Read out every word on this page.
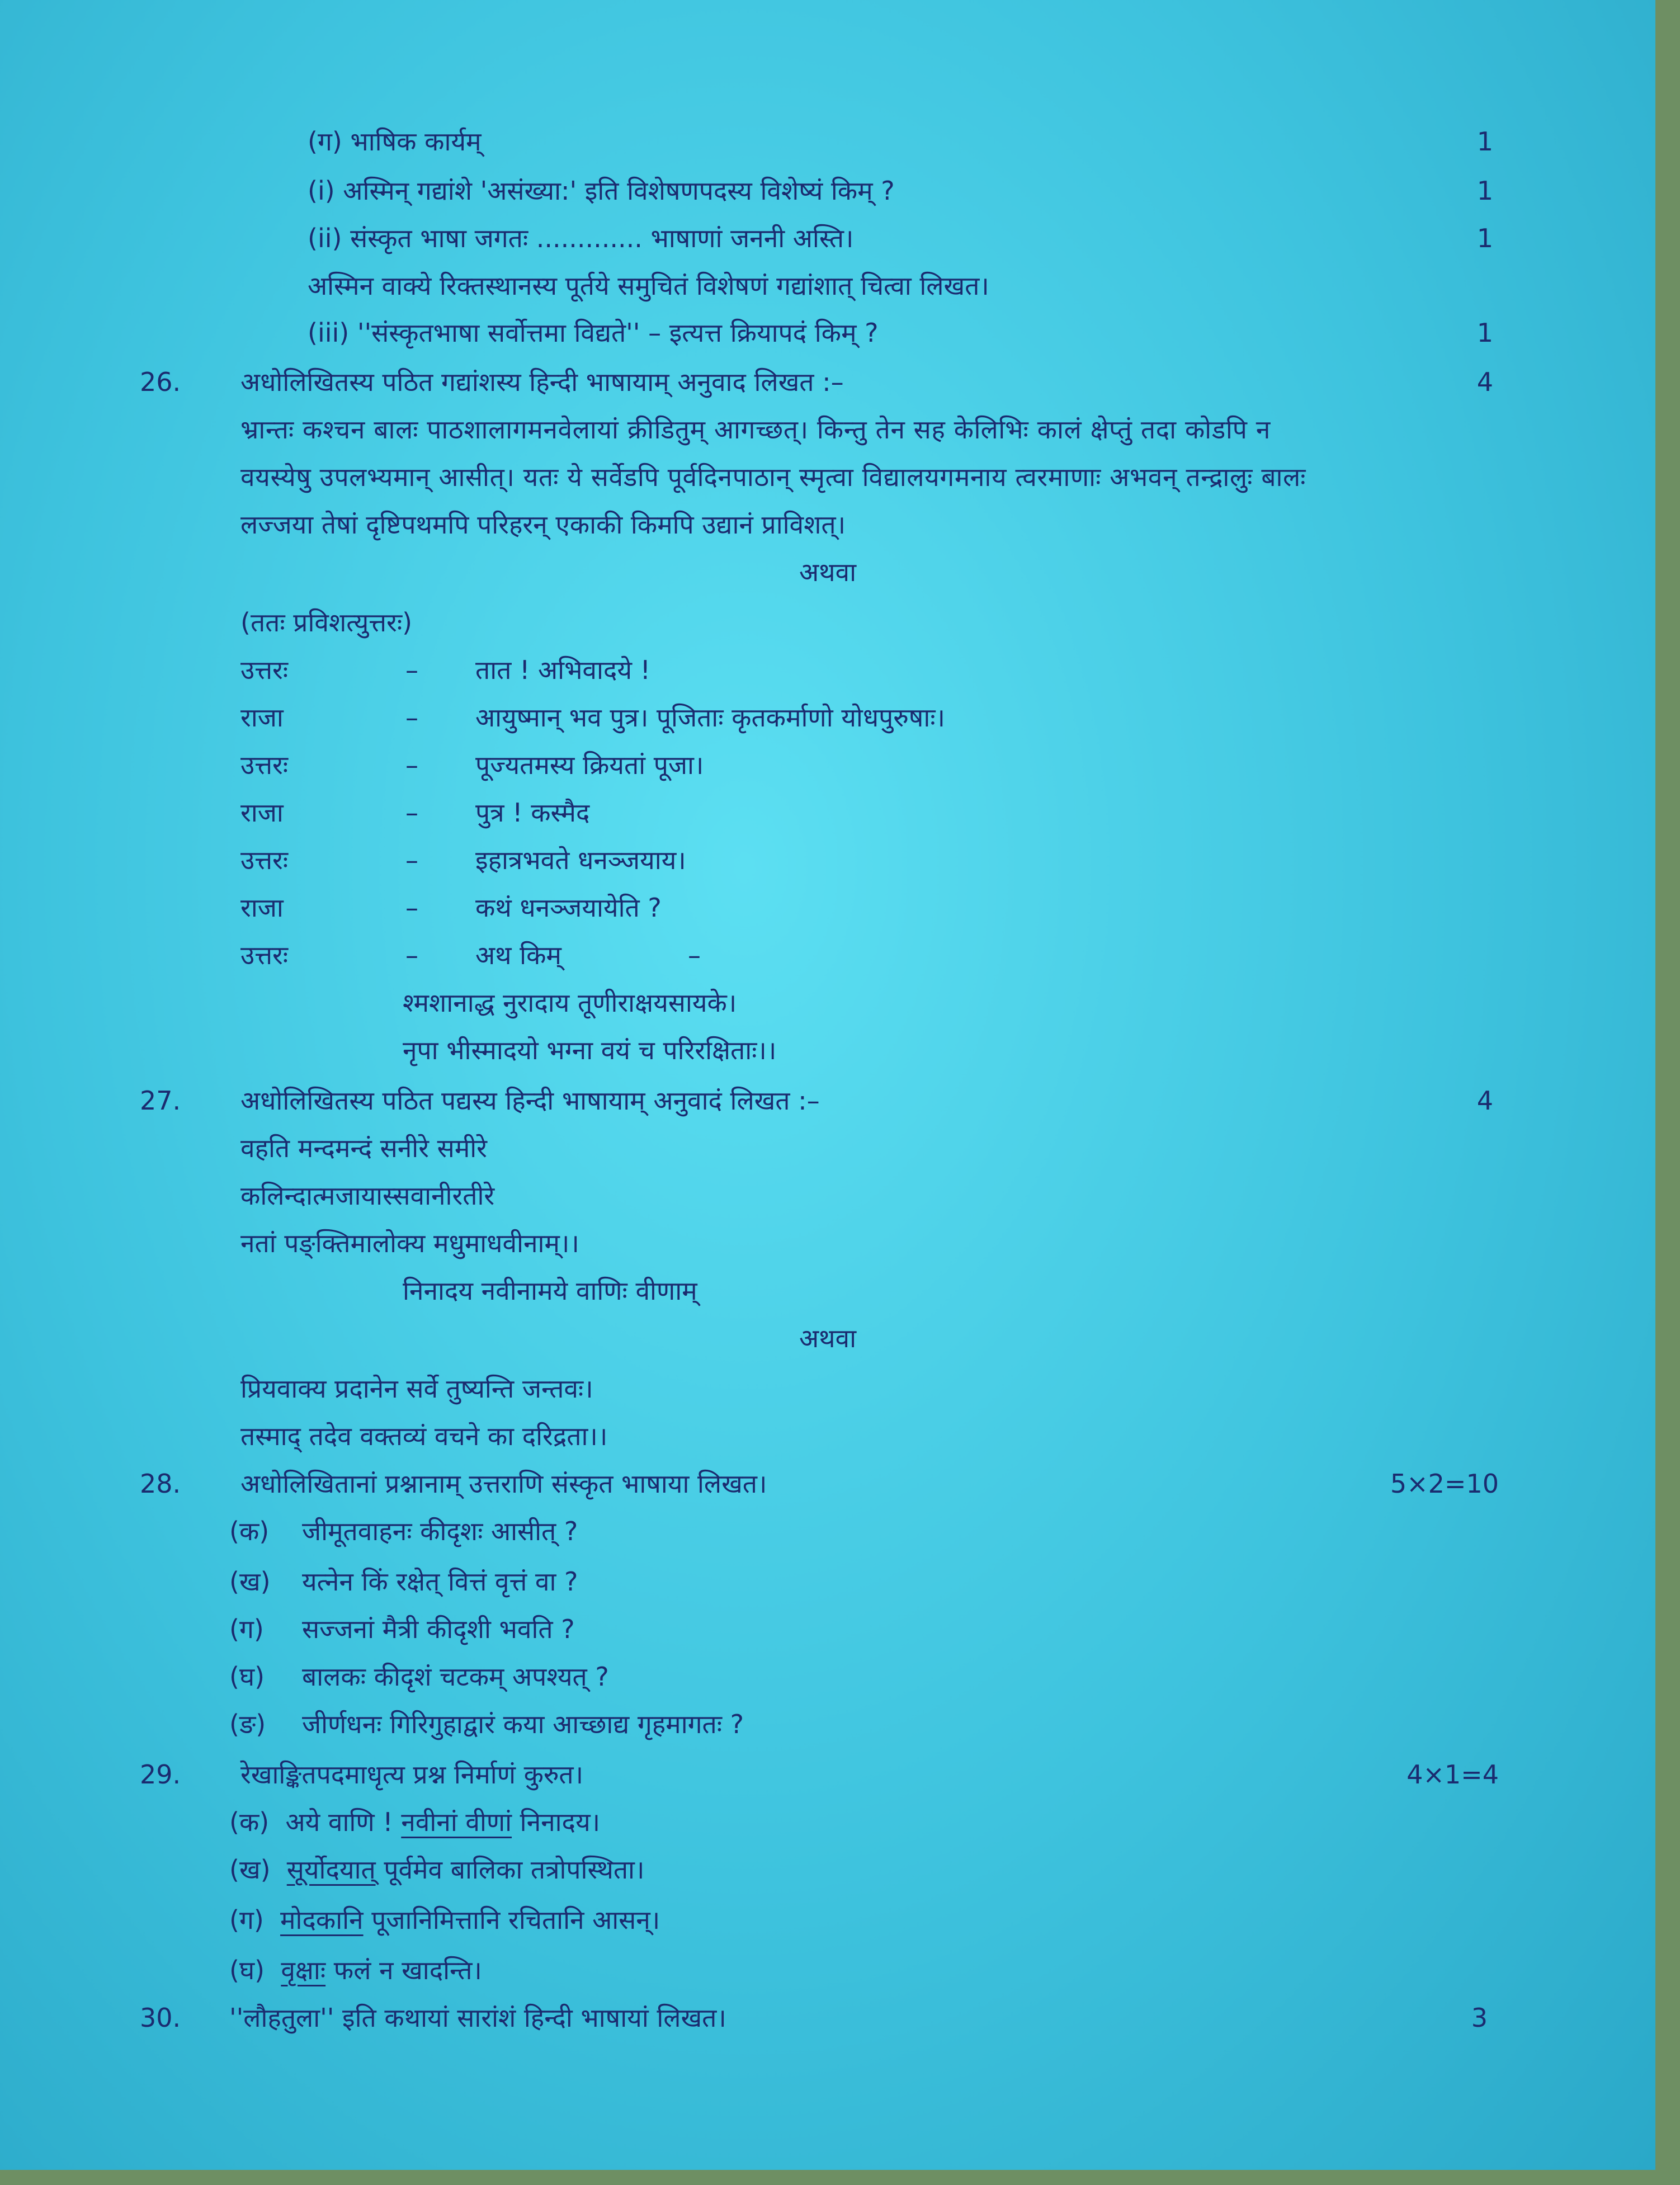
(ग) भाषिक कार्यम्	1
(i) अस्मिन् गद्यांशे 'असंख्या:' इति विशेषणपदस्य विशेष्यं किम् ?	1
(ii) संस्कृत भाषा जगतः ............. भाषाणां जननी अस्ति।	1
अस्मिन वाक्ये रिक्तस्थानस्य पूर्तये समुचितं विशेषणं गद्यांशात् चित्वा लिखत।
(iii) ''संस्कृतभाषा सर्वोत्तमा विद्यते'' – इत्यत्त क्रियापदं किम् ?	1
26. अधोलिखितस्य पठित गद्यांशस्य हिन्दी भाषायाम् अनुवाद लिखत :–	4
भ्रान्तः कश्चन बालः पाठशालागमनवेलायां क्रीडितुम् आगच्छत्। किन्तु तेन सह केलिभिः कालं क्षेप्तुं तदा कोडपि न
वयस्येषु उपलभ्यमान् आसीत्। यतः ये सर्वेडपि पूर्वदिनपाठान् स्मृत्वा विद्यालयगमनाय त्वरमाणाः अभवन् तन्द्रालुः बालः
लज्जया तेषां दृष्टिपथमपि परिहरन् एकाकी किमपि उद्यानं प्राविशत्।
अथवा
(ततः प्रविशत्युत्तरः)
उत्तरः	– तात ! अभिवादये !
राजा	– आयुष्मान् भव पुत्र। पूजिताः कृतकर्माणो योधपुरुषाः।
उत्तरः	– पूज्यतमस्य क्रियतां पूजा।
राजा	– पुत्र ! कस्मैद
उत्तरः	– इहात्रभवते धनञ्जयाय।
राजा	– कथं धनञ्जयायेति ?
उत्तरः	– अथ किम्	–
श्मशानाद्ध नुरादाय तूणीराक्षयसायके।
नृपा भीस्मादयो भग्ना वयं च परिरक्षिताः।।
27. अधोलिखितस्य पठित पद्यस्य हिन्दी भाषायाम् अनुवादं लिखत :–	4
वहति मन्दमन्दं सनीरे समीरे
कलिन्दात्मजायास्सवानीरतीरे
नतां पङ्क्तिमालोक्य मधुमाधवीनाम्।।
निनादय नवीनामये वाणिः वीणाम्
अथवा
प्रियवाक्य प्रदानेन सर्वे तुष्यन्ति जन्तवः।
तस्माद् तदेव वक्तव्यं वचने का दरिद्रता।।
28. अधोलिखितानां प्रश्नानाम् उत्तराणि संस्कृत भाषाया लिखत।	5×2=10
(क) जीमूतवाहनः कीदृशः आसीत् ?
(ख) यत्नेन किं रक्षेत् वित्तं वृत्तं वा ?
(ग) सज्जनां मैत्री कीदृशी भवति ?
(घ) बालकः कीदृशं चटकम् अपश्यत् ?
(ङ) जीर्णधनः गिरिगुहाद्वारं कया आच्छाद्य गृहमागतः ?
29. रेखाङ्कितपदमाधृत्य प्रश्न निर्माणं कुरुत।	4×1=4
(क) अये वाणि ! नवीनां वीणां निनादय।
(ख) सूर्योदयात् पूर्वमेव बालिका तत्रोपस्थिता।
(ग) मोदकानि पूजानिमित्तानि रचितानि आसन्।
(घ) वृक्षाः फलं न खादन्ति।
30. ''लौहतुला'' इति कथायां सारांशं हिन्दी भाषायां लिखत।	3
